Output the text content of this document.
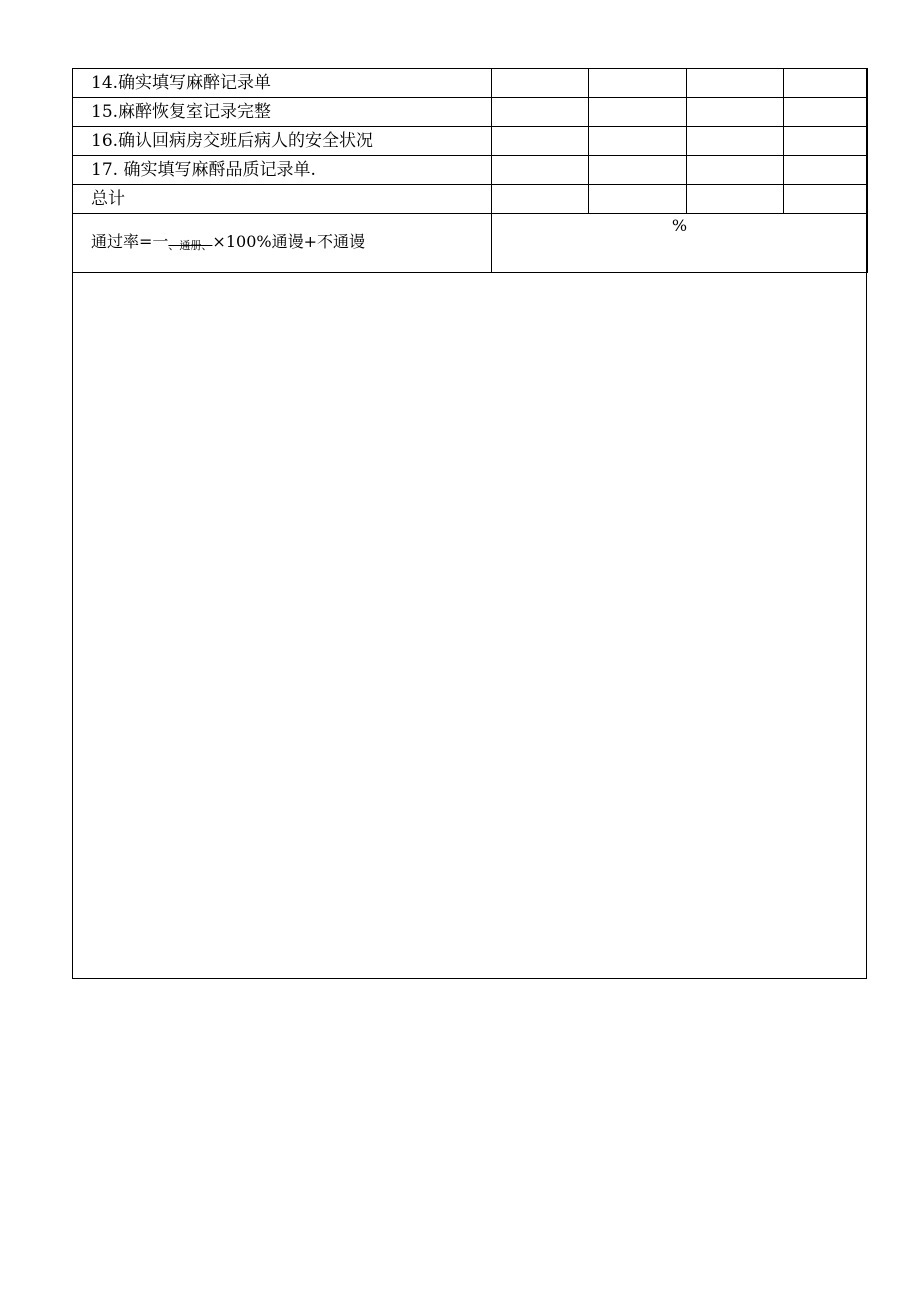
14.确实填写麻醉记录单				
15.麻醉恢复室记录完整				
16.确认回病房交班后病人的安全状况				
17. 确实填写麻酹品质记录单.				
总计				
通过率=一、通册、×100%通谩+不通谩	%			
